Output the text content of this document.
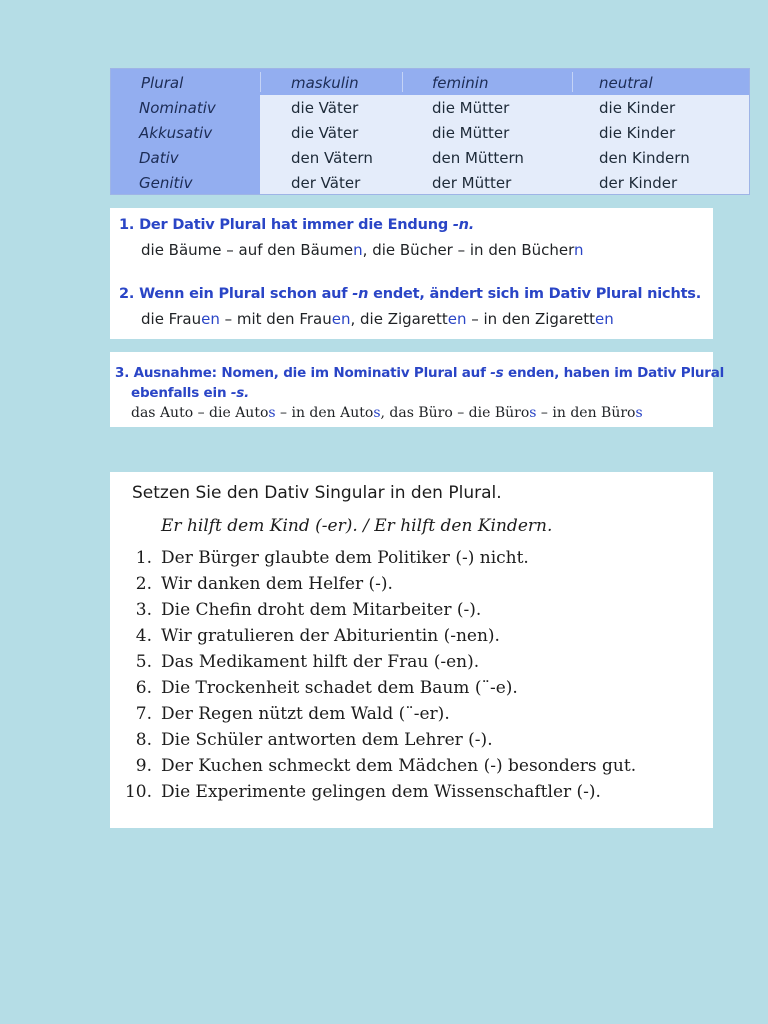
Plural	maskulin	feminin	neutral
Nominativ	die Väter	die Mütter	die Kinder
Akkusativ	die Väter	die Mütter	die Kinder
Dativ	den Vätern	den Müttern	den Kindern
Genitiv	der Väter	der Mütter	der Kinder
1. Der Dativ Plural hat immer die Endung -n.
die Bäume – auf den Bäumen, die Bücher – in den Büchern
2. Wenn ein Plural schon auf -n endet, ändert sich im Dativ Plural nichts.
die Frauen – mit den Frauen, die Zigaretten – in den Zigaretten
3. Ausnahme: Nomen, die im Nominativ Plural auf -s enden, haben im Dativ Plural
ebenfalls ein -s.
das Auto – die Autos – in den Autos, das Büro – die Büros – in den Büros
Setzen Sie den Dativ Singular in den Plural.
Er hilft dem Kind (-er). / Er hilft den Kindern.
1. Der Bürger glaubte dem Politiker (-) nicht.
2. Wir danken dem Helfer (-).
3. Die Chefin droht dem Mitarbeiter (-).
4. Wir gratulieren der Abiturientin (-nen).
5. Das Medikament hilft der Frau (-en).
6. Die Trockenheit schadet dem Baum (¨-e).
7. Der Regen nützt dem Wald (¨-er).
8. Die Schüler antworten dem Lehrer (-).
9. Der Kuchen schmeckt dem Mädchen (-) besonders gut.
10. Die Experimente gelingen dem Wissenschaftler (-).
